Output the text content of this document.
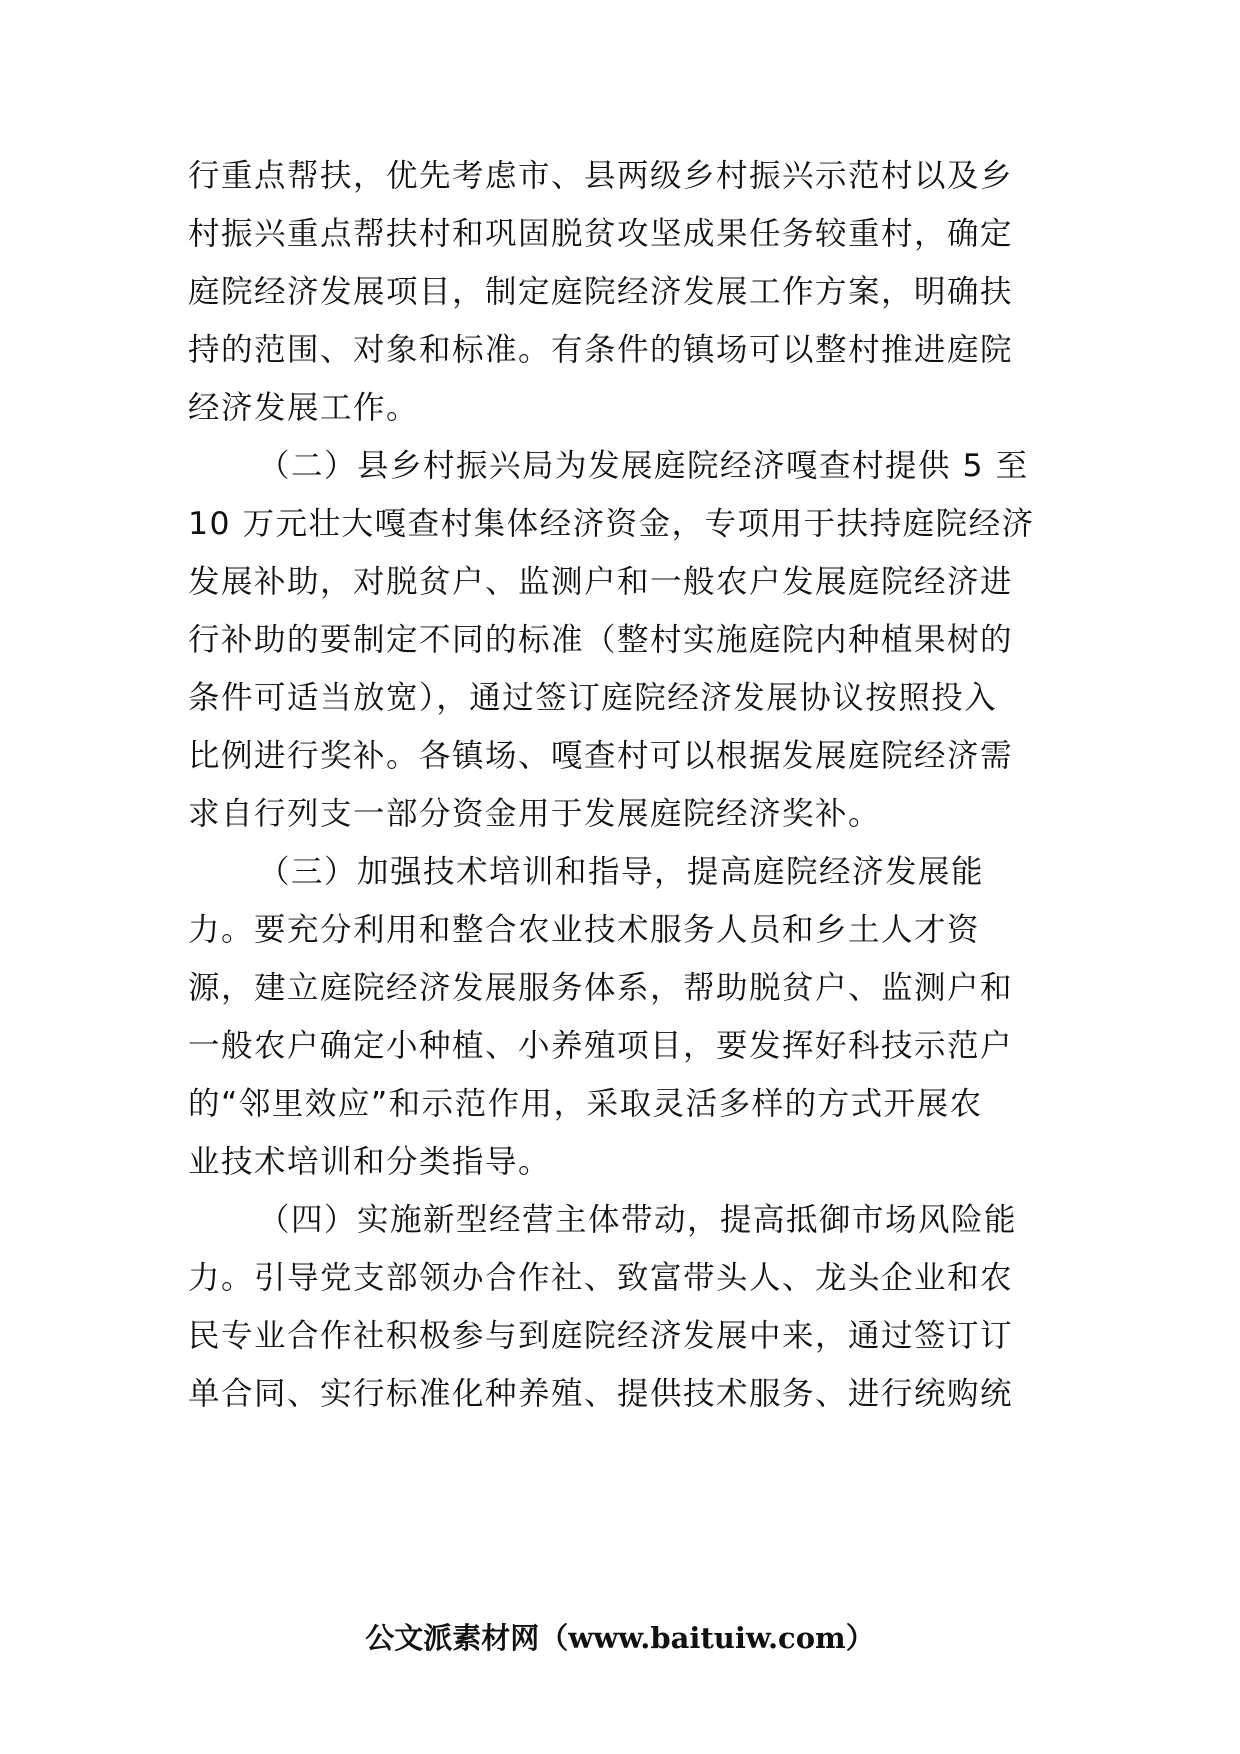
行重点帮扶，优先考虑市、县两级乡村振兴示范村以及乡
村振兴重点帮扶村和巩固脱贫攻坚成果任务较重村，确定
庭院经济发展项目，制定庭院经济发展工作方案，明确扶
持的范围、对象和标准。有条件的镇场可以整村推进庭院
经济发展工作。
（二）县乡村振兴局为发展庭院经济嘎查村提供 5 至
10 万元壮大嘎查村集体经济资金，专项用于扶持庭院经济
发展补助，对脱贫户、监测户和一般农户发展庭院经济进
行补助的要制定不同的标准（整村实施庭院内种植果树的
条件可适当放宽），通过签订庭院经济发展协议按照投入
比例进行奖补。各镇场、嘎查村可以根据发展庭院经济需
求自行列支一部分资金用于发展庭院经济奖补。
（三）加强技术培训和指导，提高庭院经济发展能
力。要充分利用和整合农业技术服务人员和乡土人才资
源，建立庭院经济发展服务体系，帮助脱贫户、监测户和
一般农户确定小种植、小养殖项目，要发挥好科技示范户
的“邻里效应”和示范作用，采取灵活多样的方式开展农
业技术培训和分类指导。
（四）实施新型经营主体带动，提高抵御市场风险能
力。引导党支部领办合作社、致富带头人、龙头企业和农
民专业合作社积极参与到庭院经济发展中来，通过签订订
单合同、实行标准化种养殖、提供技术服务、进行统购统
公文派素材网（www.baituiw.com）
